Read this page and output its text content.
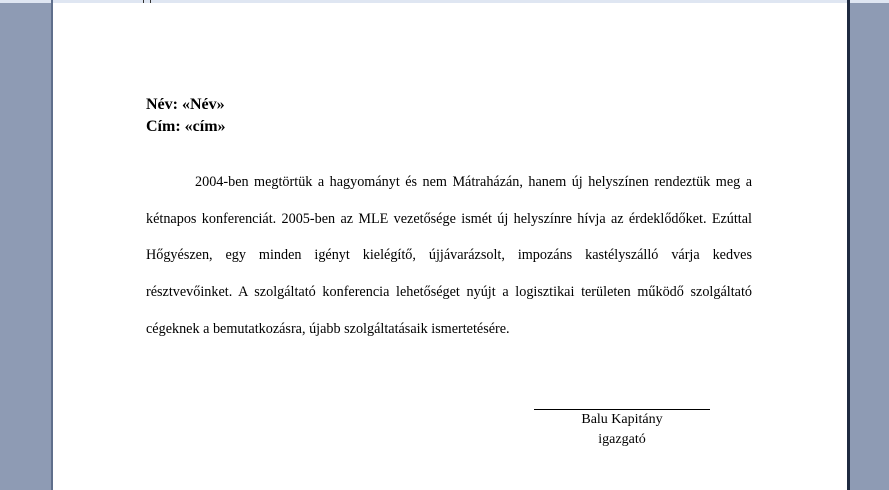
Név: «Név»
Cím: «cím»

2004-ben megtörtük a hagyományt és nem Mátraházán, hanem új helyszínen rendeztük meg a kétnapos konferenciát. 2005-ben az MLE vezetősége ismét új helyszínre hívja az érdeklődőket. Ezúttal Hőgyészen, egy minden igényt kielégítő, újjávarázsolt, impozáns kastélyszálló várja kedves résztvevőinket. A szolgáltató konferencia lehetőséget nyújt a logisztikai területen működő szolgáltató cégeknek a bemutatkozásra, újabb szolgáltatásaik ismertetésére.

Balu Kapitány
igazgató
